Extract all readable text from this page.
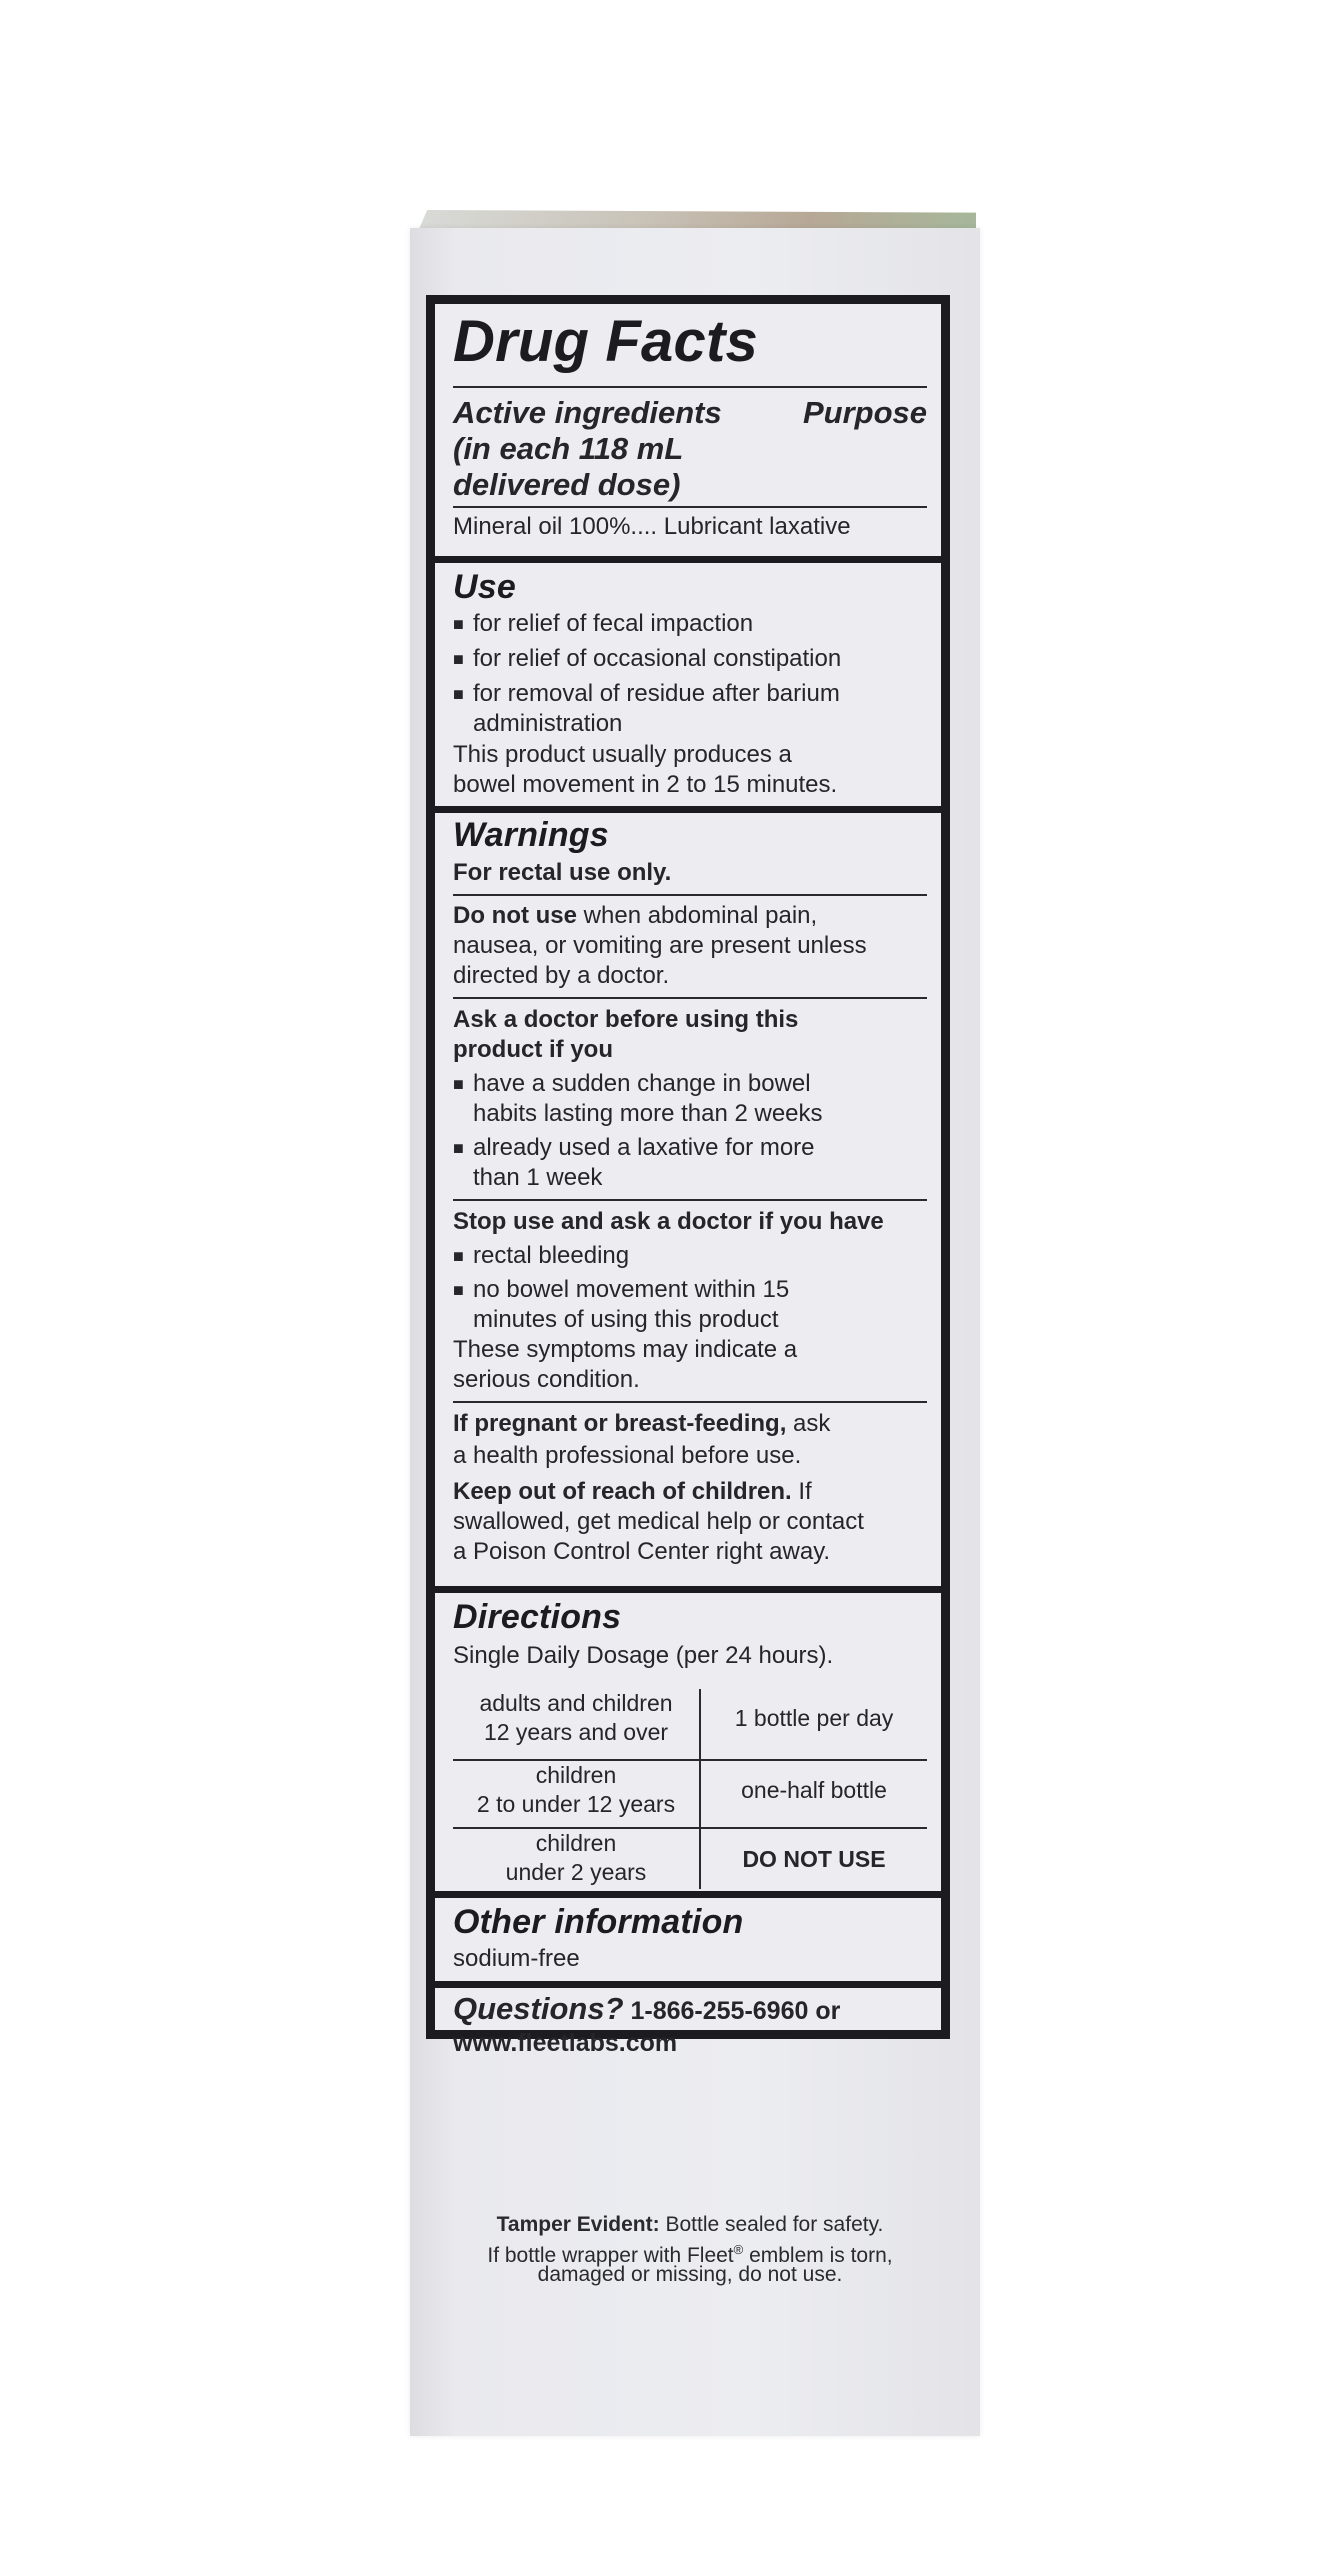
Drug Facts
Active ingredients	Purpose
(in each 118 mL
delivered dose)
Mineral oil 100%.... Lubricant laxative
Use
■ for relief of fecal impaction
■ for relief of occasional constipation
■ for removal of residue after barium
administration
This product usually produces a
bowel movement in 2 to 15 minutes.
Warnings
For rectal use only.
Do not use when abdominal pain,
nausea, or vomiting are present unless
directed by a doctor.
Ask a doctor before using this
product if you
■ have a sudden change in bowel
habits lasting more than 2 weeks
■ already used a laxative for more
than 1 week
Stop use and ask a doctor if you have
■ rectal bleeding
■ no bowel movement within 15
minutes of using this product
These symptoms may indicate a
serious condition.
If pregnant or breast-feeding, ask
a health professional before use.
Keep out of reach of children. If
swallowed, get medical help or contact
a Poison Control Center right away.
Directions
Single Daily Dosage (per 24 hours).
adults and children
12 years and over
1 bottle per day
children
2 to under 12 years
one-half bottle
children
under 2 years	DO NOT USE
Other information
sodium-free
Questions? 1-866-255-6960 or
www.fleetlabs.com
Tamper Evident: Bottle sealed for safety.
If bottle wrapper with Fleet® emblem is torn,
damaged or missing, do not use.
